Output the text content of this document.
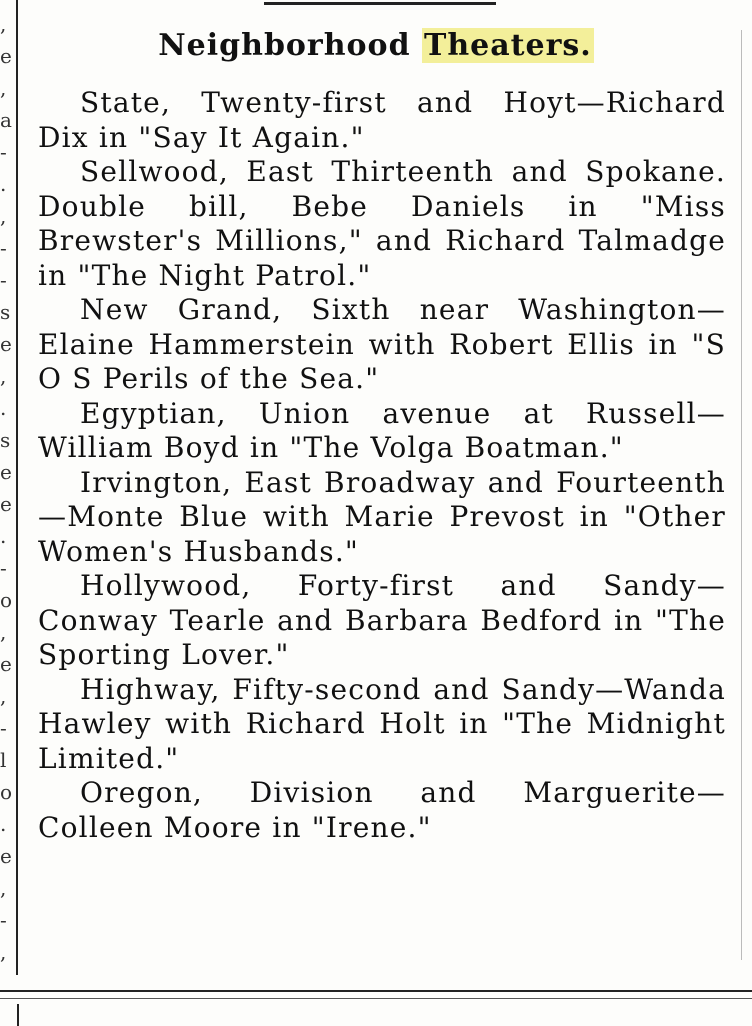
,
e
,
a
-
.
,
-
-
s
e
,
.
s
e
e
.
-
o
,
e
,
-
l
o
.
e
,
-
,
Neighborhood Theaters.

State, Twenty-first and Hoyt—Richard Dix in "Say It Again."

Sellwood, East Thirteenth and Spokane. Double bill, Bebe Daniels in "Miss Brewster's Millions," and Richard Talmadge in "The Night Patrol."

New Grand, Sixth near Washington—Elaine Hammerstein with Robert Ellis in "S O S Perils of the Sea."

Egyptian, Union avenue at Russell—William Boyd in "The Volga Boatman."

Irvington, East Broadway and Fourteenth—Monte Blue with Marie Prevost in "Other Women's Husbands."

Hollywood, Forty-first and Sandy—Conway Tearle and Barbara Bedford in "The Sporting Lover."

Highway, Fifty-second and Sandy—Wanda Hawley with Richard Holt in "The Midnight Limited."

Oregon, Division and Marguerite—Colleen Moore in "Irene."
